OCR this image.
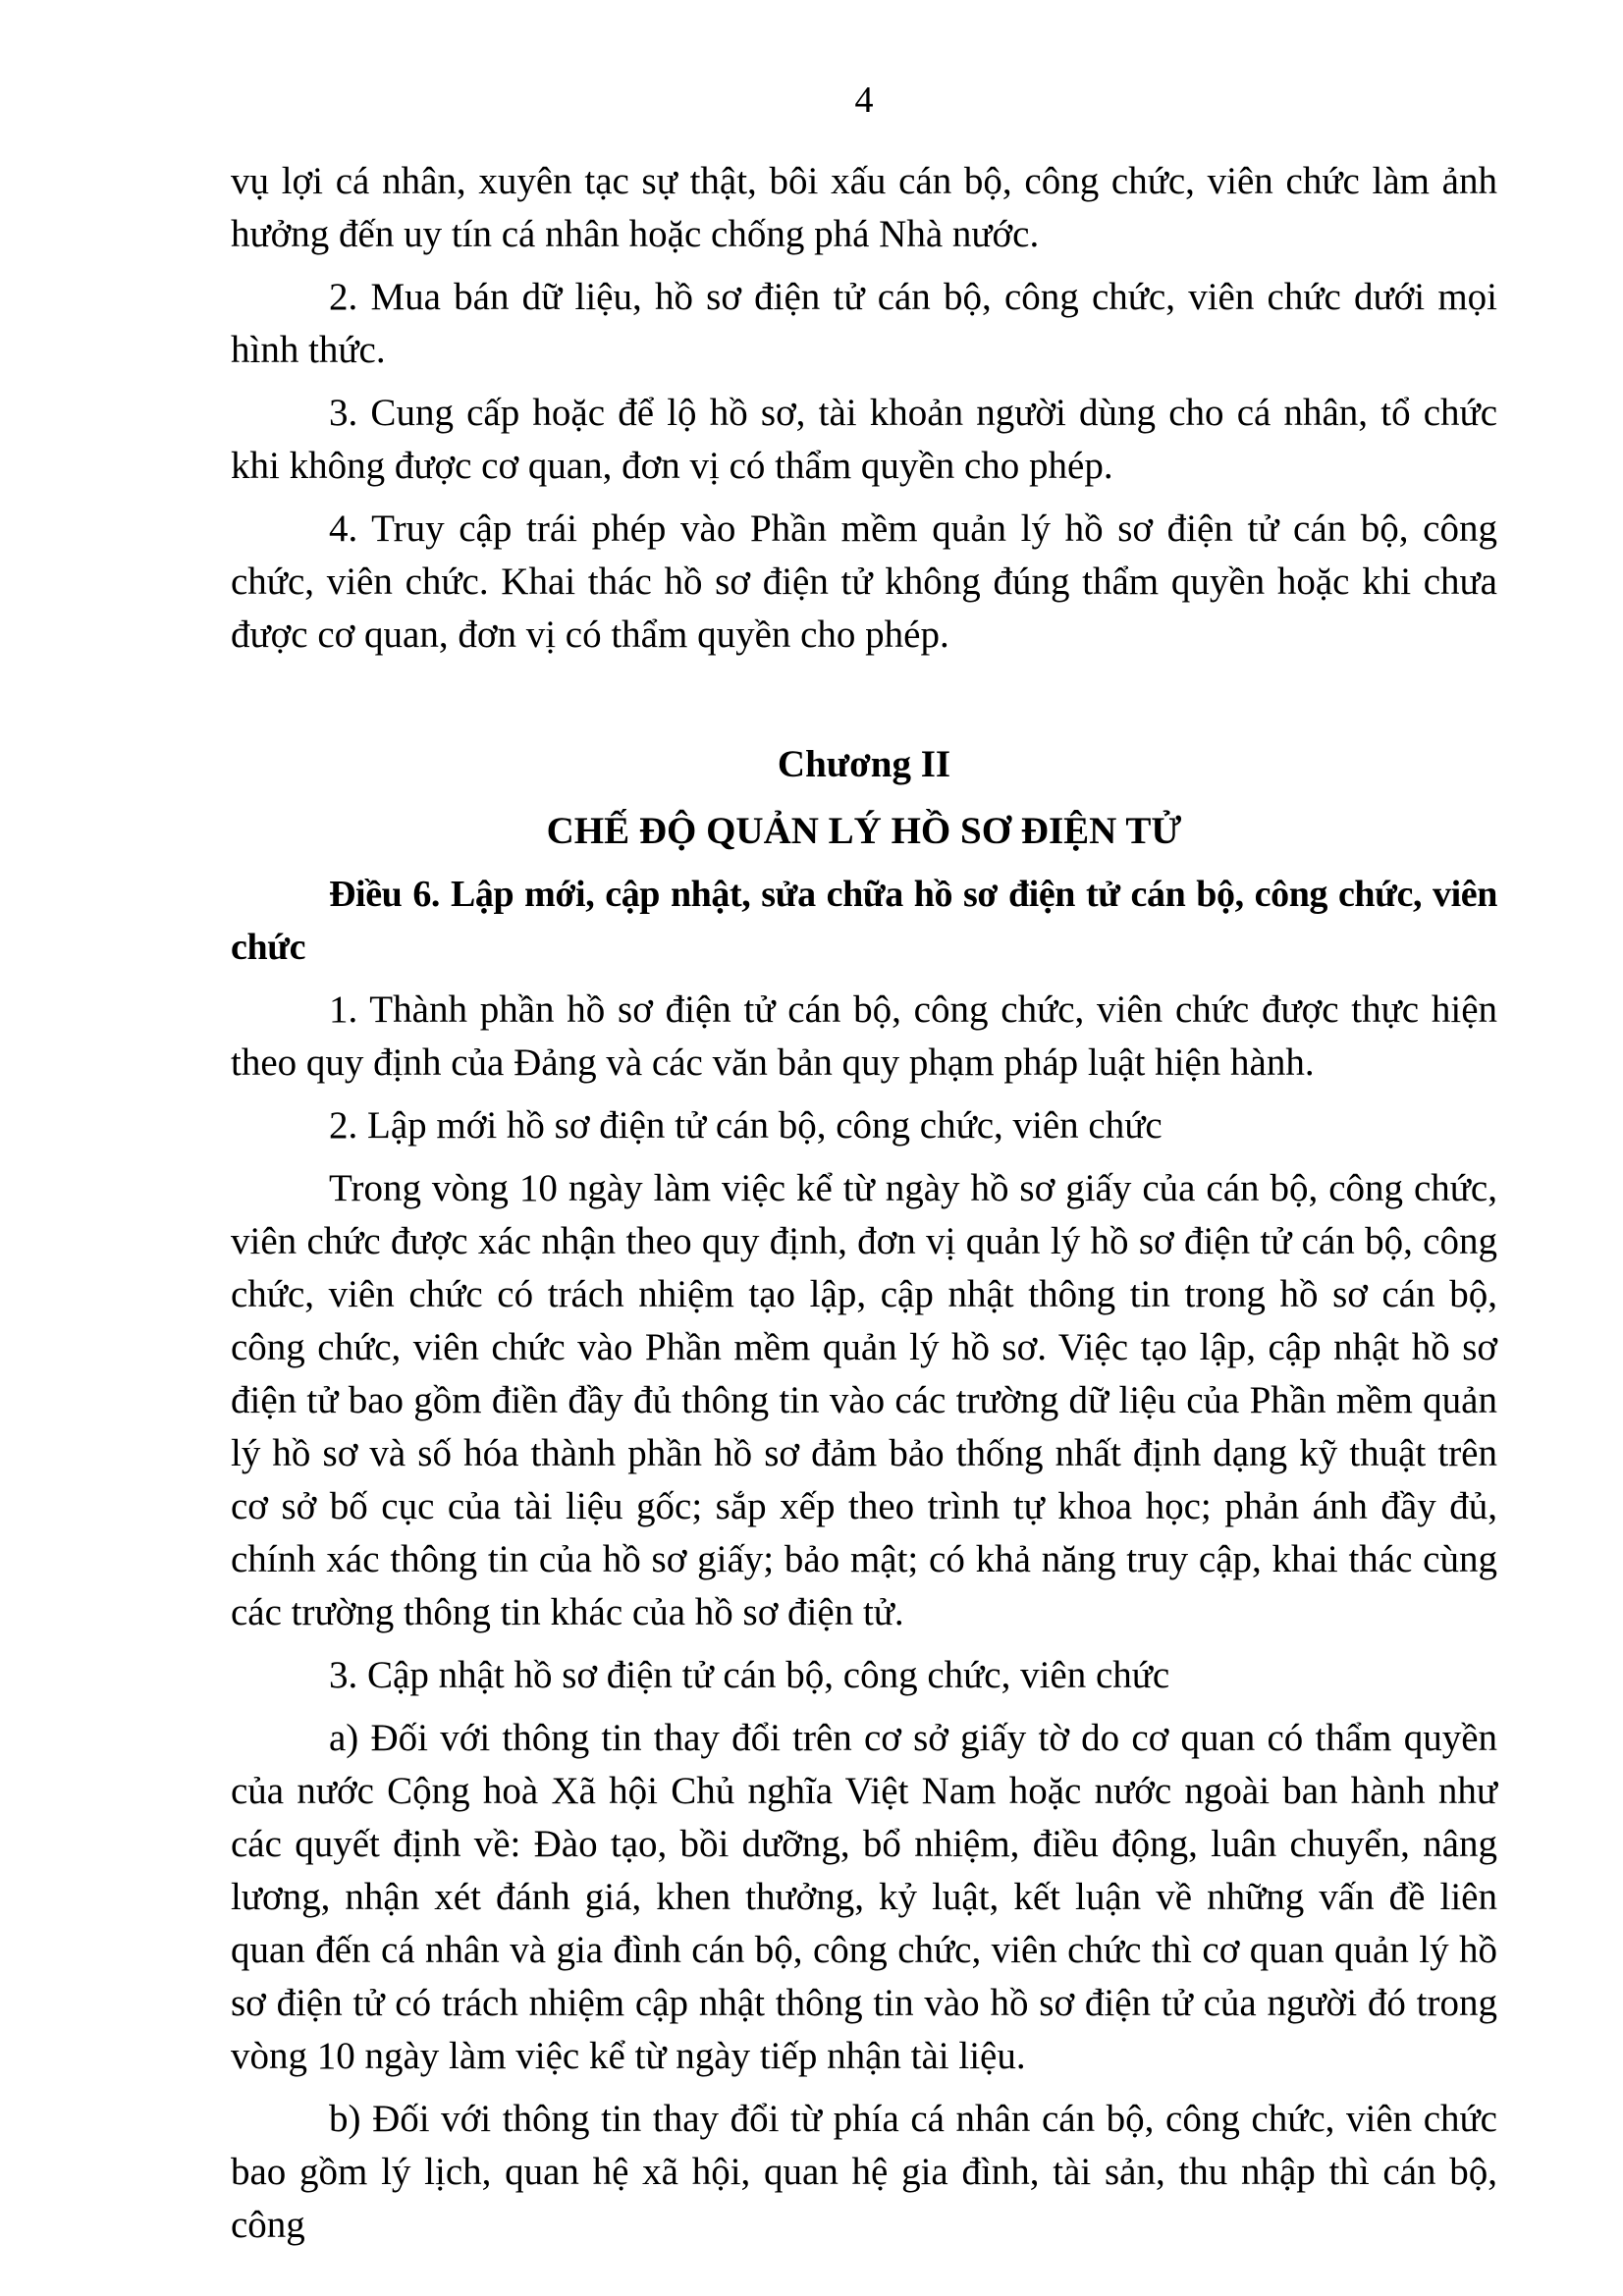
4

vụ lợi cá nhân, xuyên tạc sự thật, bôi xấu cán bộ, công chức, viên chức làm ảnh hưởng đến uy tín cá nhân hoặc chống phá Nhà nước.

2. Mua bán dữ liệu, hồ sơ điện tử cán bộ, công chức, viên chức dưới mọi hình thức.

3. Cung cấp hoặc để lộ hồ sơ, tài khoản người dùng cho cá nhân, tổ chức khi không được cơ quan, đơn vị có thẩm quyền cho phép.

4. Truy cập trái phép vào Phần mềm quản lý hồ sơ điện tử cán bộ, công chức, viên chức. Khai thác hồ sơ điện tử không đúng thẩm quyền hoặc khi chưa được cơ quan, đơn vị có thẩm quyền cho phép.

Chương II

CHẾ ĐỘ QUẢN LÝ HỒ SƠ ĐIỆN TỬ

Điều 6. Lập mới, cập nhật, sửa chữa hồ sơ điện tử cán bộ, công chức, viên chức

1. Thành phần hồ sơ điện tử cán bộ, công chức, viên chức được thực hiện theo quy định của Đảng và các văn bản quy phạm pháp luật hiện hành.

2. Lập mới hồ sơ điện tử cán bộ, công chức, viên chức

Trong vòng 10 ngày làm việc kể từ ngày hồ sơ giấy của cán bộ, công chức, viên chức được xác nhận theo quy định, đơn vị quản lý hồ sơ điện tử cán bộ, công chức, viên chức có trách nhiệm tạo lập, cập nhật thông tin trong hồ sơ cán bộ, công chức, viên chức vào Phần mềm quản lý hồ sơ. Việc tạo lập, cập nhật hồ sơ điện tử bao gồm điền đầy đủ thông tin vào các trường dữ liệu của Phần mềm quản lý hồ sơ và số hóa thành phần hồ sơ đảm bảo thống nhất định dạng kỹ thuật trên cơ sở bố cục của tài liệu gốc; sắp xếp theo trình tự khoa học; phản ánh đầy đủ, chính xác thông tin của hồ sơ giấy; bảo mật; có khả năng truy cập, khai thác cùng các trường thông tin khác của hồ sơ điện tử.

3. Cập nhật hồ sơ điện tử cán bộ, công chức, viên chức

a) Đối với thông tin thay đổi trên cơ sở giấy tờ do cơ quan có thẩm quyền của nước Cộng hoà Xã hội Chủ nghĩa Việt Nam hoặc nước ngoài ban hành như các quyết định về: Đào tạo, bồi dưỡng, bổ nhiệm, điều động, luân chuyển, nâng lương, nhận xét đánh giá, khen thưởng, kỷ luật, kết luận về những vấn đề liên quan đến cá nhân và gia đình cán bộ, công chức, viên chức thì cơ quan quản lý hồ sơ điện tử có trách nhiệm cập nhật thông tin vào hồ sơ điện tử của người đó trong vòng 10 ngày làm việc kể từ ngày tiếp nhận tài liệu.

b) Đối với thông tin thay đổi từ phía cá nhân cán bộ, công chức, viên chức bao gồm lý lịch, quan hệ xã hội, quan hệ gia đình, tài sản, thu nhập thì cán bộ, công
